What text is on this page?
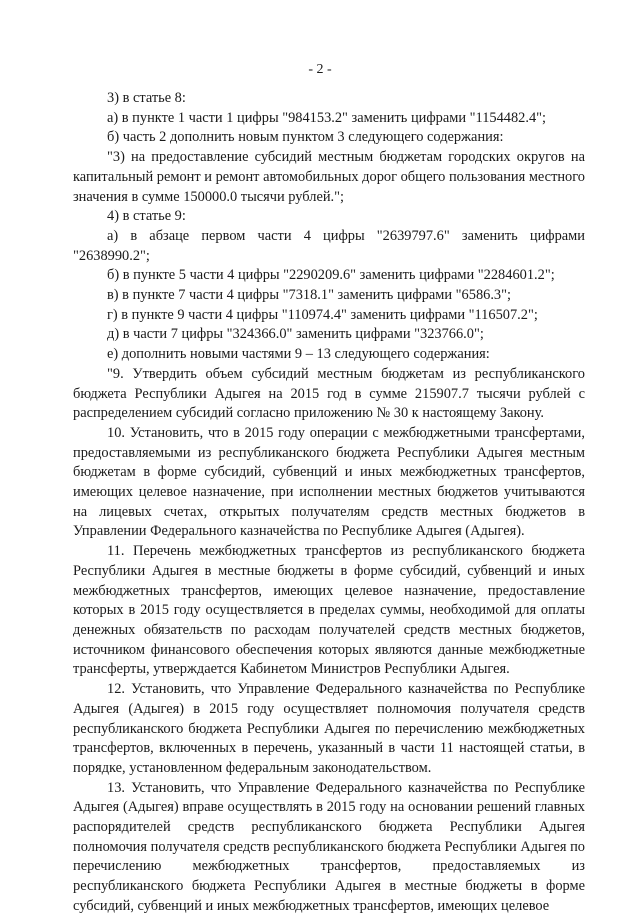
- 2 -

3) в статье 8:

а) в пункте 1 части 1 цифры "984153.2" заменить цифрами "1154482.4";

б) часть 2 дополнить новым пунктом 3 следующего содержания:

"3) на предоставление субсидий местным бюджетам городских округов на капитальный ремонт и ремонт автомобильных дорог общего пользования местного значения в сумме 150000.0 тысячи рублей.";

4) в статье 9:

а) в абзаце первом части 4 цифры "2639797.6" заменить цифрами "2638990.2";

б) в пункте 5 части 4 цифры "2290209.6" заменить цифрами "2284601.2";

в) в пункте 7 части 4 цифры "7318.1" заменить цифрами "6586.3";

г) в пункте 9 части 4 цифры "110974.4" заменить цифрами "116507.2";

д) в части 7 цифры "324366.0" заменить цифрами "323766.0";

е) дополнить новыми частями 9 – 13 следующего содержания:

"9. Утвердить объем субсидий местным бюджетам из республиканского бюджета Республики Адыгея на 2015 год в сумме 215907.7 тысячи рублей с распределением субсидий согласно приложению № 30 к настоящему Закону.

10. Установить, что в 2015 году операции с межбюджетными трансфертами, предоставляемыми из республиканского бюджета Республики Адыгея местным бюджетам в форме субсидий, субвенций и иных межбюджетных трансфертов, имеющих целевое назначение, при исполнении местных бюджетов учитываются на лицевых счетах, открытых получателям средств местных бюджетов в Управлении Федерального казначейства по Республике Адыгея (Адыгея).

11. Перечень межбюджетных трансфертов из республиканского бюджета Республики Адыгея в местные бюджеты в форме субсидий, субвенций и иных межбюджетных трансфертов, имеющих целевое назначение, предоставление которых в 2015 году осуществляется в пределах суммы, необходимой для оплаты денежных обязательств по расходам получателей средств местных бюджетов, источником финансового обеспечения которых являются данные межбюджетные трансферты, утверждается Кабинетом Министров Республики Адыгея.

12. Установить, что Управление Федерального казначейства по Республике Адыгея (Адыгея) в 2015 году осуществляет полномочия получателя средств республиканского бюджета Республики Адыгея по перечислению межбюджетных трансфертов, включенных в перечень, указанный в части 11 настоящей статьи, в порядке, установленном федеральным законодательством.

13. Установить, что Управление Федерального казначейства по Республике Адыгея (Адыгея) вправе осуществлять в 2015 году на основании решений главных распорядителей средств республиканского бюджета Республики Адыгея полномочия получателя средств республиканского бюджета Республики Адыгея по перечислению межбюджетных трансфертов, предоставляемых из республиканского бюджета Республики Адыгея в местные бюджеты в форме субсидий, субвенций и иных межбюджетных трансфертов, имеющих целевое
